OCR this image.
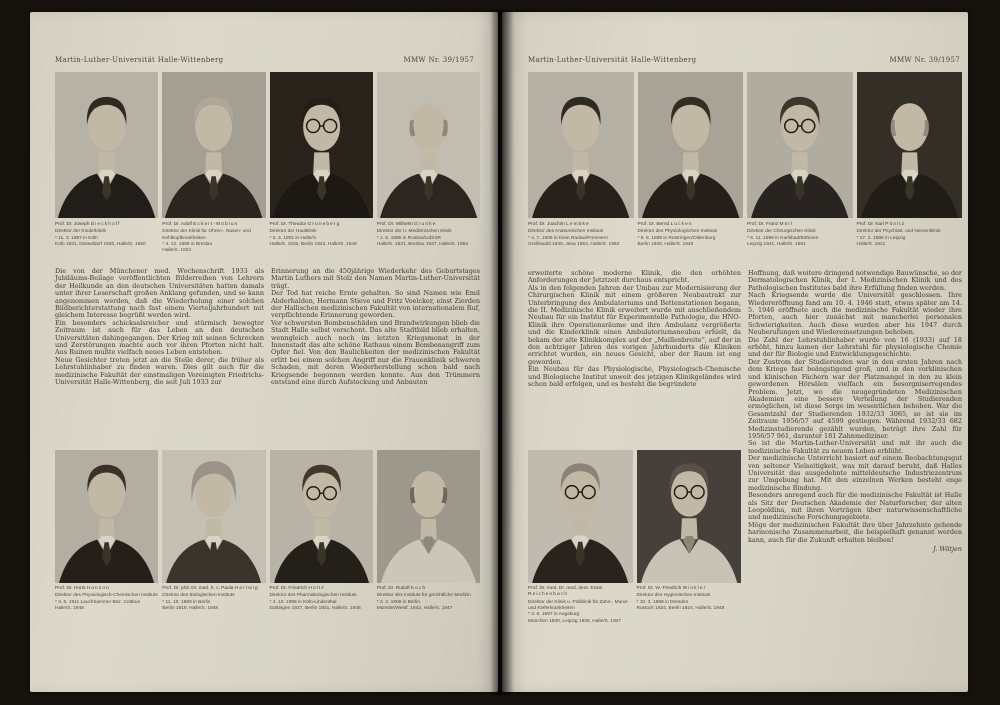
Martin-Luther-Universität Halle-Wittenberg	MMW Nr. 39/1957
Prof. Dr. Joseph Dieckhoff
Direktor der Kinderklinik
* 11. 3. 1897 in Köln
Köln 1931, Düsseldorf 1940, Halle/S. 1950
Prof. Dr. Adolf Eckert-Möbius
Direktor der Klinik für Ohren-, Nasen- und Kehlkopfkrankheiten
* 4. 12. 1889 in Breslau
Halle/S. 1924
Prof. Dr. Theodor Grüneberg
Direktor der Hautklinik
* 5. 3. 1901 in Halle/S.
Halle/S. 1932, Berlin 1942, Halle/S. 1949
Prof. Dr. Wilhelm Grunke
Direktor der II. Medizinischen Klinik
* 1. 6. 1896 in Rostow/UdSSR
Halle/S. 1931, Breslau 1937, Halle/S. 1954

Die von der Münchener med. Wochenschrift 1933 als Jubiläums-Beilage veröffentlichten Bilderreihen von Lehrern der Heilkunde an den deutschen Universitäten hatten damals unter ihrer Leserschaft großen Anklang gefunden, und so kann angenommen werden, daß die Wiederholung einer solchen Bildberichterstattung nach fast einem Vierteljahrhundert mit gleichem Interesse begrüßt werden wird.

Ein besonders schicksalsreicher und stürmisch bewegter Zeitraum ist auch für das Leben an den deutschen Universitäten dahingegangen. Der Krieg mit seinen Schrecken und Zerstörungen machte auch vor ihren Pforten nicht halt. Aus Ruinen mußte vielfach neues Leben entstehen.

Neue Gesichter treten jetzt an die Stelle derer, die früher als Lehrstuhlinhaber zu finden waren. Dies gilt auch für die medizinische Fakultät der einstmaligen Vereinigten Friedrichs-Universität Halle-Wittenberg, die seit Juli 1933 zur

Erinnerung an die 450jährige Wiederkehr des Geburtstages Martin Luthers mit Stolz den Namen Martin-Luther-Universität trägt.

Der Tod hat reiche Ernte gehalten. So sind Namen wie Emil Abderhalden, Hermann Stieve und Fritz Voelcker, einst Zierden der Hallischen medizinischen Fakultät von internationalem Ruf, verpflichtende Erinnerung geworden.

Vor schwersten Bombenschäden und Brandwirkungen blieb die Stadt Halle selbst verschont. Das alte Stadtbild blieb erhalten, wenngleich auch noch im letzten Kriegsmonat in der Innenstadt das alte schöne Rathaus einem Bombenangriff zum Opfer fiel. Von den Baulichkeiten der medizinischen Fakultät erlitt bei einem solchen Angriff nur die Frauenklinik schweren Schaden, mit deren Wiederherstellung schon bald nach Kriegsende begonnen werden konnte. Aus den Trümmern entstand eine durch Aufstockung und Anbauten

Prof. Dr. Horst Hanson
Direktor des Physiologisch-Chemischen Instituts
* 3. 6. 1911 Lauchhammer Bez. Cottbus
Halle/S. 1948
Prof. Dr. phil. Dr. med. h. c. Paula Hertwig
Direktor des Biologischen Instituts
* 11. 10. 1889 in Berlin
Berlin 1919, Halle/S. 1948
Prof. Dr. Friedrich Holtz
Direktor des Pharmakologischen Instituts
* 4. 10. 1898 in Köln-Lindenthal
Göttingen 1927, Berlin 1931, Halle/S. 1948
Prof. Dr. Rudolf Koch
Direktor des Instituts für gerichtliche Medizin
* 2. 4. 1908 in Berlin
Münster/Westf. 1943, Halle/S. 1947
Martin-Luther-Universität Halle-Wittenberg	MMW Nr. 39/1957
Prof. Dr. Joachim Lembke
Direktor des Anatomischen Instituts
* 4. 7. 1906 in Klein Radow/Pommern
Greifswald 1930, Jena 1953, Halle/S. 1953
Prof. Dr. Bernd Lucken
Direktor des Physiologischen Instituts
* 6. 8. 1888 in Rüstringen/Oldenburg
Berlin 1938, Halle/S. 1946
Prof. Dr. Franz Mörl
Direktor der Chirurgischen Klinik
* 6. 11. 1899 in Karlsbad/Böhmen
Leipzig 1941, Halle/S. 1951
Prof. Dr. Karl Pönitz
Direktor der Psychiatr. und Nervenklinik
* 27. 2. 1888 in Leipzig
Halle/S. 1921

erweiterte schöne moderne Klinik, die den erhöhten Anforderungen der Jetztzeit durchaus entspricht.

Als in den folgenden Jahren der Umbau zur Modernisierung der Chirurgischen Klinik mit einem größeren Neubautrakt zur Unterbringung des Ambulatoriums und Bettenstationen begann, die II. Medizinische Klinik erweitert wurde mit anschließendem Neubau für ein Institut für Experimentelle Pathologie, die HNO-Klinik ihre Operationsräume und ihre Ambulanz vergrößerte und die Kinderklinik einen Ambulatoriumsneubau erhielt, da bekam der alte Klinikkomplex auf der „Maillenbreite“, auf der in den achtziger Jahren des vorigen Jahrhunderts die Kliniken errichtet wurden, ein neues Gesicht, aber der Raum ist eng geworden.

Ein Neubau für das Physiologische, Physiologisch-Chemische und Biologische Institut unweit des jetzigen Klinikgeländes wird schon bald erfolgen, und es besteht die begründete

Prof. Dr. med. Dr. med. dent. Erwin Reichenbach
Direktor der Klinik u. Poliklinik für Zahn-, Mund- und Kieferkrankheiten
* 3. 8. 1897 in Augsburg
München 1930, Leipzig 1936, Halle/S. 1947
Prof. Dr. W.-Friedrich Winkler
Direktor des Hygienischen Instituts
* 10. 3. 1899 in Dresden
Rostock 1924, Berlin 1924, Halle/S. 1948

Hoffnung, daß weitere dringend notwendige Bauwünsche, so der Dermatologischen Klinik, der I. Medizinischen Klinik und des Pathologischen Institutes bald ihre Erfüllung finden werden.

Nach Kriegsende wurde die Universität geschlossen. Ihre Wiedereröffnung fand am 10. 4. 1946 statt, etwas später am 14. 5. 1946 eröffnete auch die medizinische Fakultät wieder ihre Pforten, auch hier zunächst mit mancherlei personalen Schwierigkeiten. Auch diese wurden aber bis 1947 durch Neuberufungen und Wiedereinsetzungen behoben.

Die Zahl der Lehrstuhlinhaber wurde von 16 (1933) auf 18 erhöht, hinzu kamen der Lehrstuhl für physiologische Chemie und der für Biologie und Entwicklungsgeschichte.

Der Zustrom der Studierenden war in den ersten Jahren nach dem Kriege fast beängstigend groß, und in den vorklinischen und klinischen Fächern war der Platzmangel in den zu klein gewordenen Hörsälen vielfach ein besorgniserregendes Problem. Jetzt, wo die neugegründeten Medizinischen Akademien eine bessere Verteilung der Studierenden ermöglichen, ist diese Sorge im wesentlichen behoben. War die Gesamtzahl der Studierenden 1932/33 3065, so ist sie im Zeitraum 1956/57 auf 4599 gestiegen. Während 1932/33 682 Medizinstudierende gezählt wurden, beträgt ihre Zahl für 1956/57 961, darunter 181 Zahnmediziner.

So ist die Martin-Luther-Universität und mit ihr auch die medizinische Fakultät zu neuem Leben erblüht.

Der medizinische Unterricht basiert auf einem Beobachtungsgut von seltener Vielseitigkeit, was mit darauf beruht, daß Halles Universität das ausgedehnte mitteldeutsche Industriezentrum zur Umgebung hat. Mit den einzelnen Werken besteht enge medizinische Bindung.

Besonders anregend auch für die medizinische Fakultät ist Halle als Sitz der Deutschen Akademie der Naturforscher, der alten Leopoldina, mit ihren Vorträgen über naturwissenschaftliche und medizinische Forschungsgebiete.

Möge der medizinischen Fakultät ihre über Jahrzehnte gehende harmonische Zusammenarbeit, die beispielhaft genannt werden kann, auch für die Zukunft erhalten bleiben!

J. Wätjen
